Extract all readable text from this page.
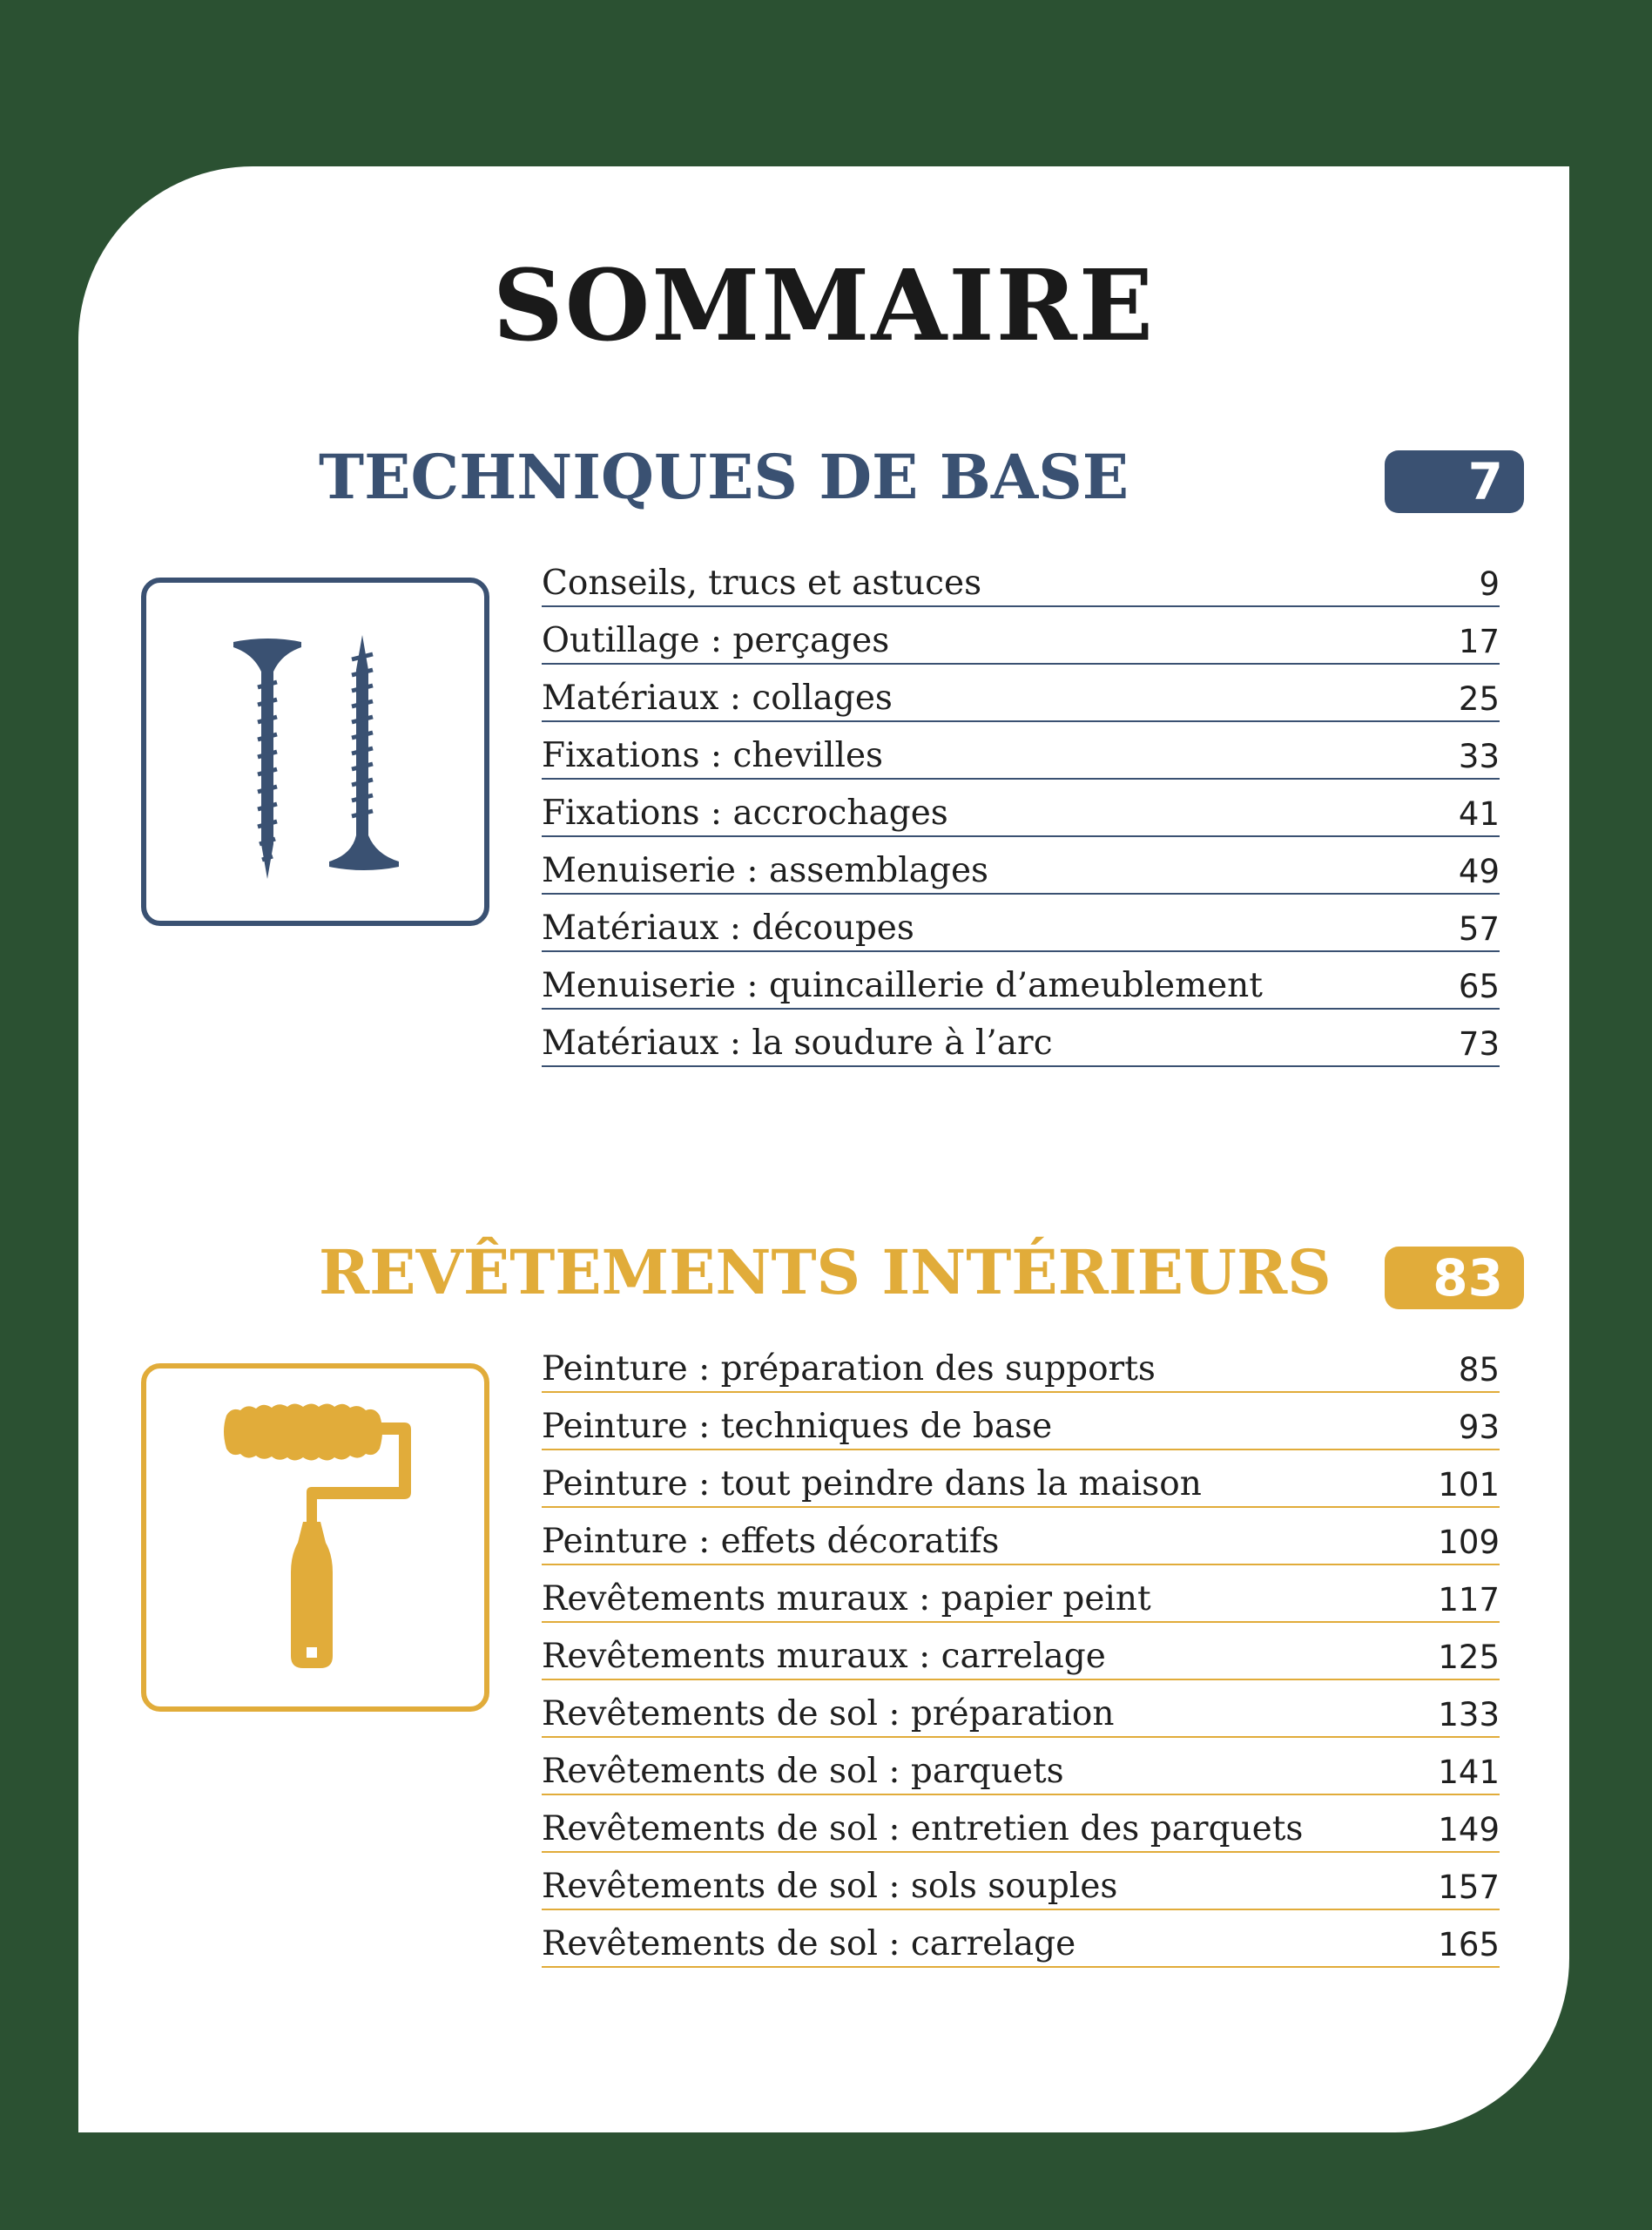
SOMMAIRE
TECHNIQUES DE BASE	7
Conseils, trucs et astuces	9
Outillage : perçages	17
Matériaux : collages	25
Fixations : chevilles	33
Fixations : accrochages	41
Menuiserie : assemblages	49
Matériaux : découpes	57
Menuiserie : quincaillerie d’ameublement	65
Matériaux : la soudure à l’arc	73
REVÊTEMENTS INTÉRIEURS	83
Peinture : préparation des supports	85
Peinture : techniques de base	93
Peinture : tout peindre dans la maison	101
Peinture : effets décoratifs	109
Revêtements muraux : papier peint	117
Revêtements muraux : carrelage	125
Revêtements de sol : préparation	133
Revêtements de sol : parquets	141
Revêtements de sol : entretien des parquets	149
Revêtements de sol : sols souples	157
Revêtements de sol : carrelage	165
